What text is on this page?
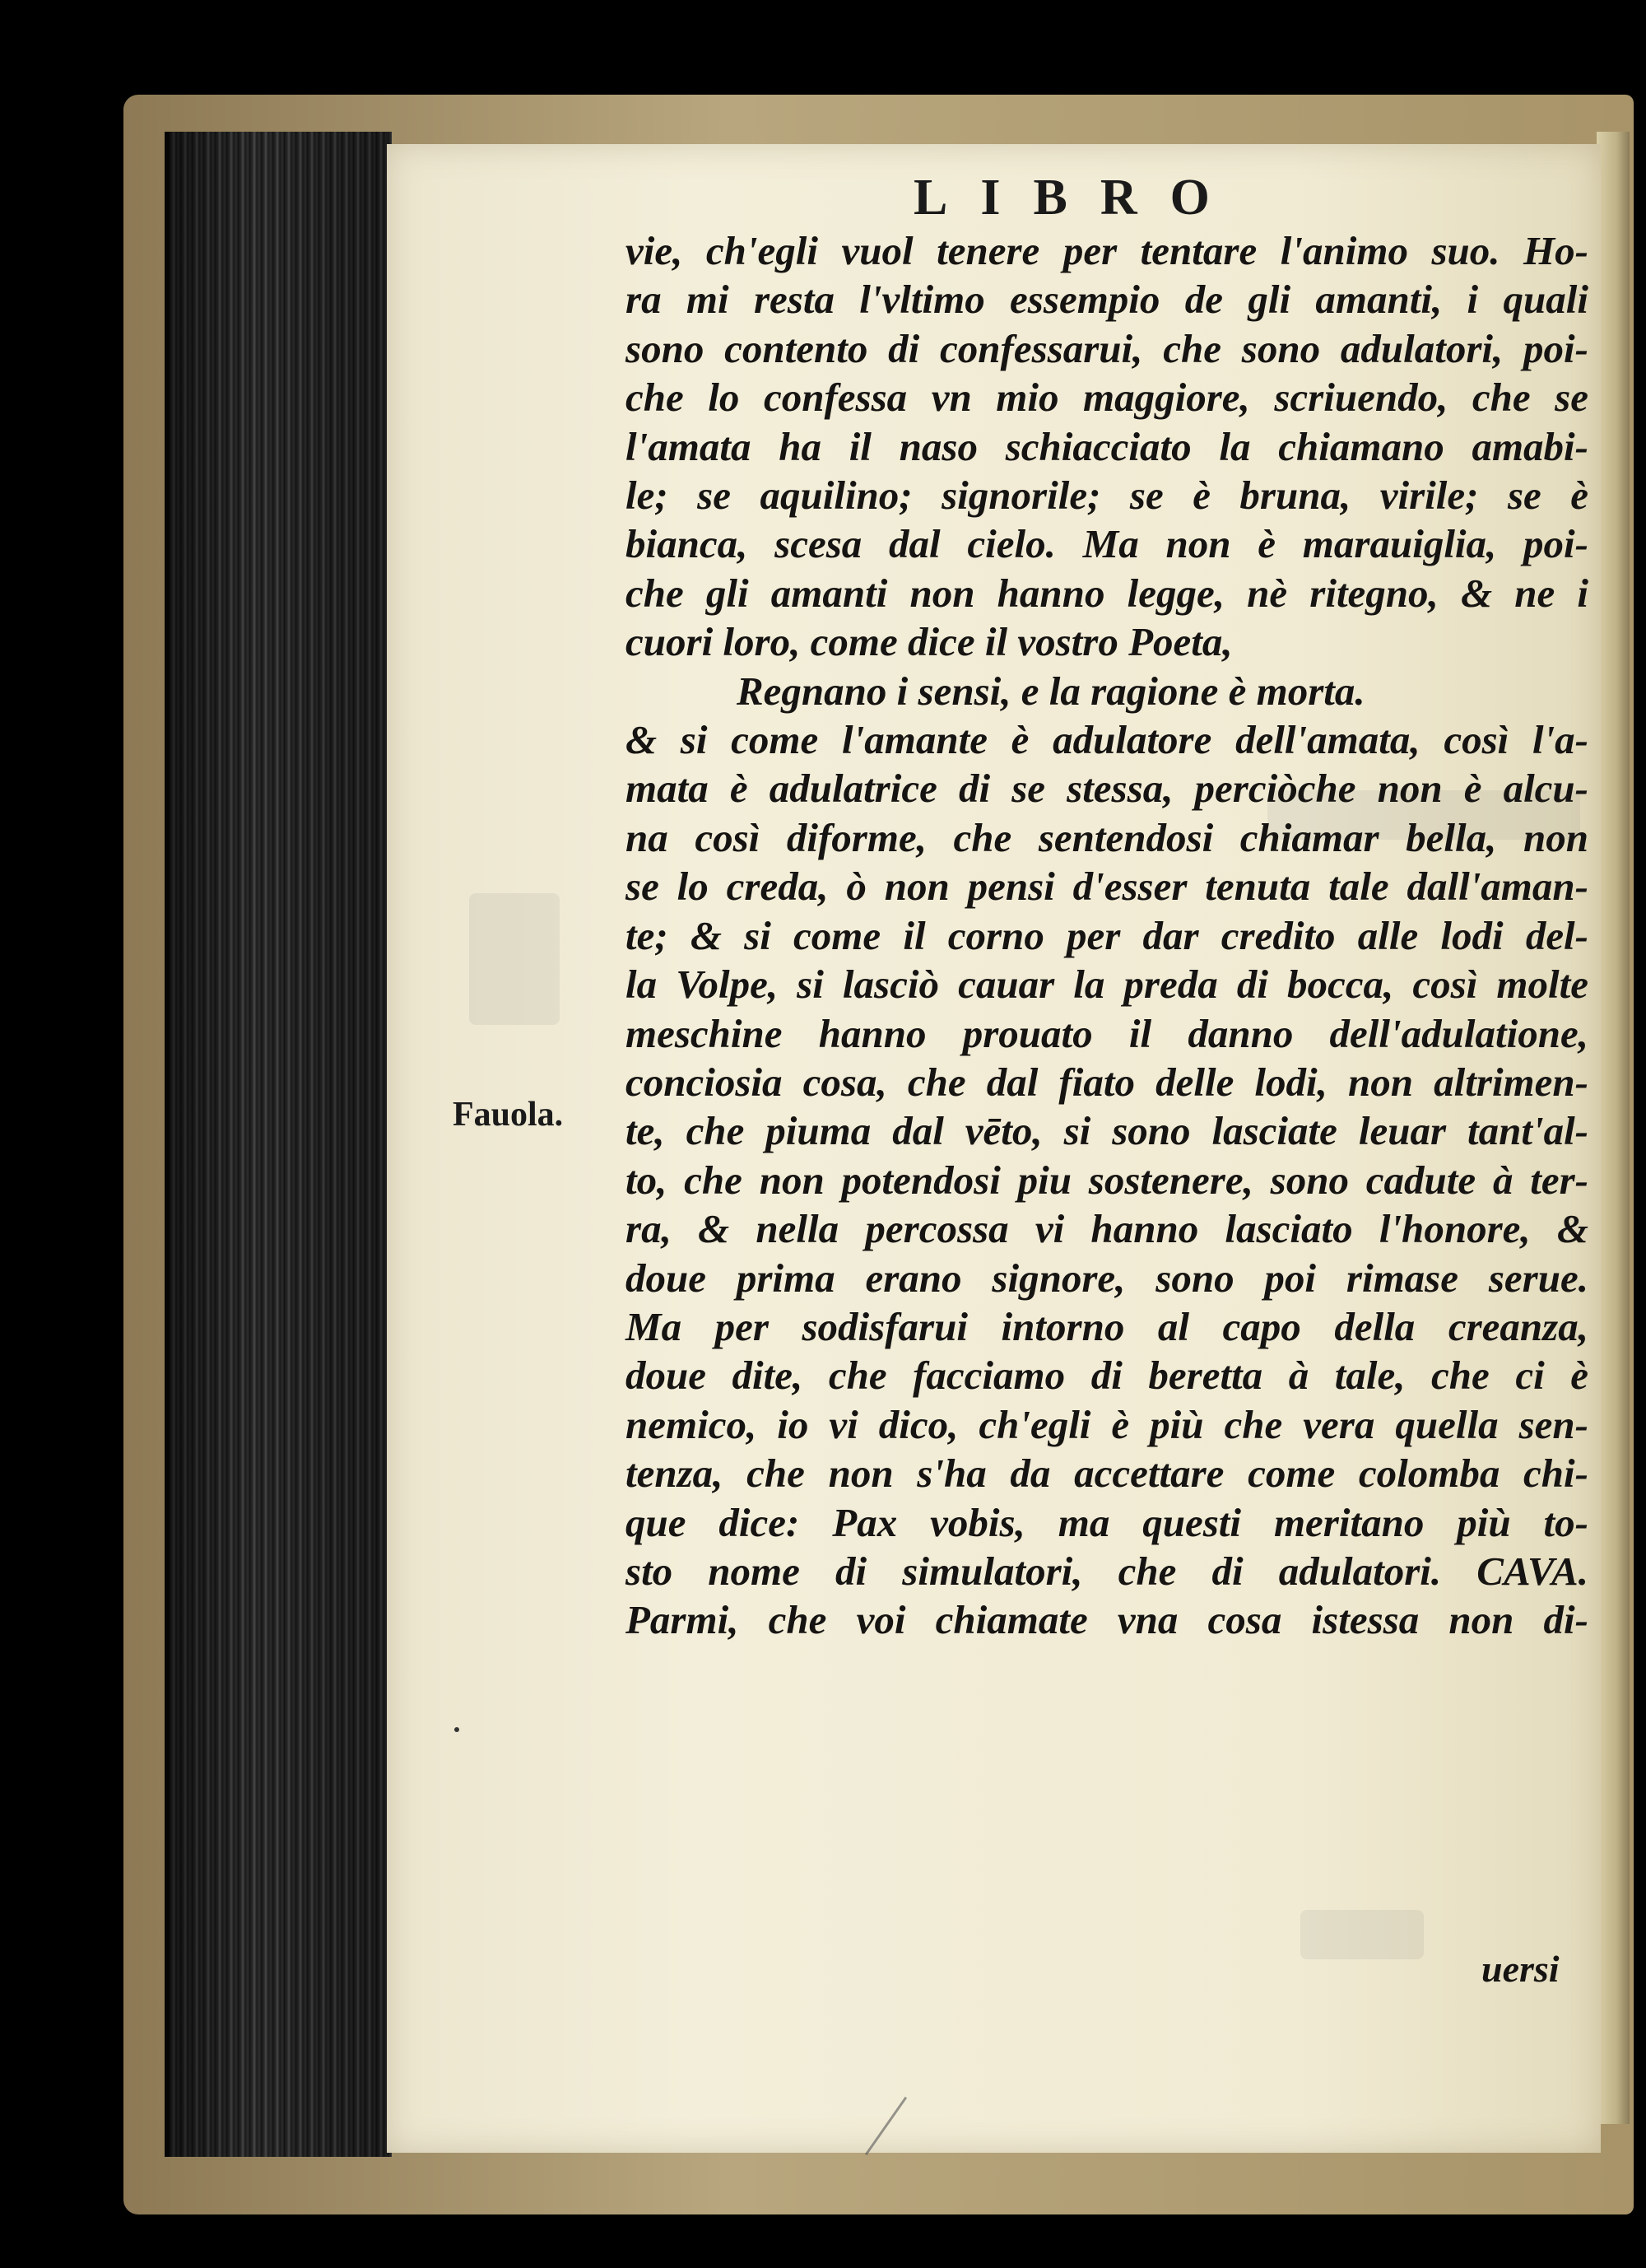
LIBRO
Fauola.
vie, ch'egli vuol tenere per tentare l'animo suo. Ho-
ra mi resta l'vltimo essempio de gli amanti, i quali
sono contento di confessarui, che sono adulatori, poi-
che lo confessa vn mio maggiore, scriuendo, che se
l'amata ha il naso schiacciato la chiamano amabi-
le; se aquilino; signorile; se è bruna, virile; se è
bianca, scesa dal cielo. Ma non è marauiglia, poi-
che gli amanti non hanno legge, nè ritegno, & ne i
cuori loro, come dice il vostro Poeta,
Regnano i sensi, e la ragione è morta.
& si come l'amante è adulatore dell'amata, così l'a-
mata è adulatrice di se stessa, perciòche non è alcu-
na così diforme, che sentendosi chiamar bella, non
se lo creda, ò non pensi d'esser tenuta tale dall'aman-
te; & si come il corno per dar credito alle lodi del-
la Volpe, si lasciò cauar la preda di bocca, così molte
meschine hanno prouato il danno dell'adulatione,
conciosia cosa, che dal fiato delle lodi, non altrimen-
te, che piuma dal vēto, si sono lasciate leuar tant'al-
to, che non potendosi piu sostenere, sono cadute à ter-
ra, & nella percossa vi hanno lasciato l'honore, &
doue prima erano signore, sono poi rimase serue.
Ma per sodisfarui intorno al capo della creanza,
doue dite, che facciamo di beretta à tale, che ci è
nemico, io vi dico, ch'egli è più che vera quella sen-
tenza, che non s'ha da accettare come colomba chi-
que dice: Pax vobis, ma questi meritano più to-
sto nome di simulatori, che di adulatori. CAVA.
Parmi, che voi chiamate vna cosa istessa non di-
uersi
